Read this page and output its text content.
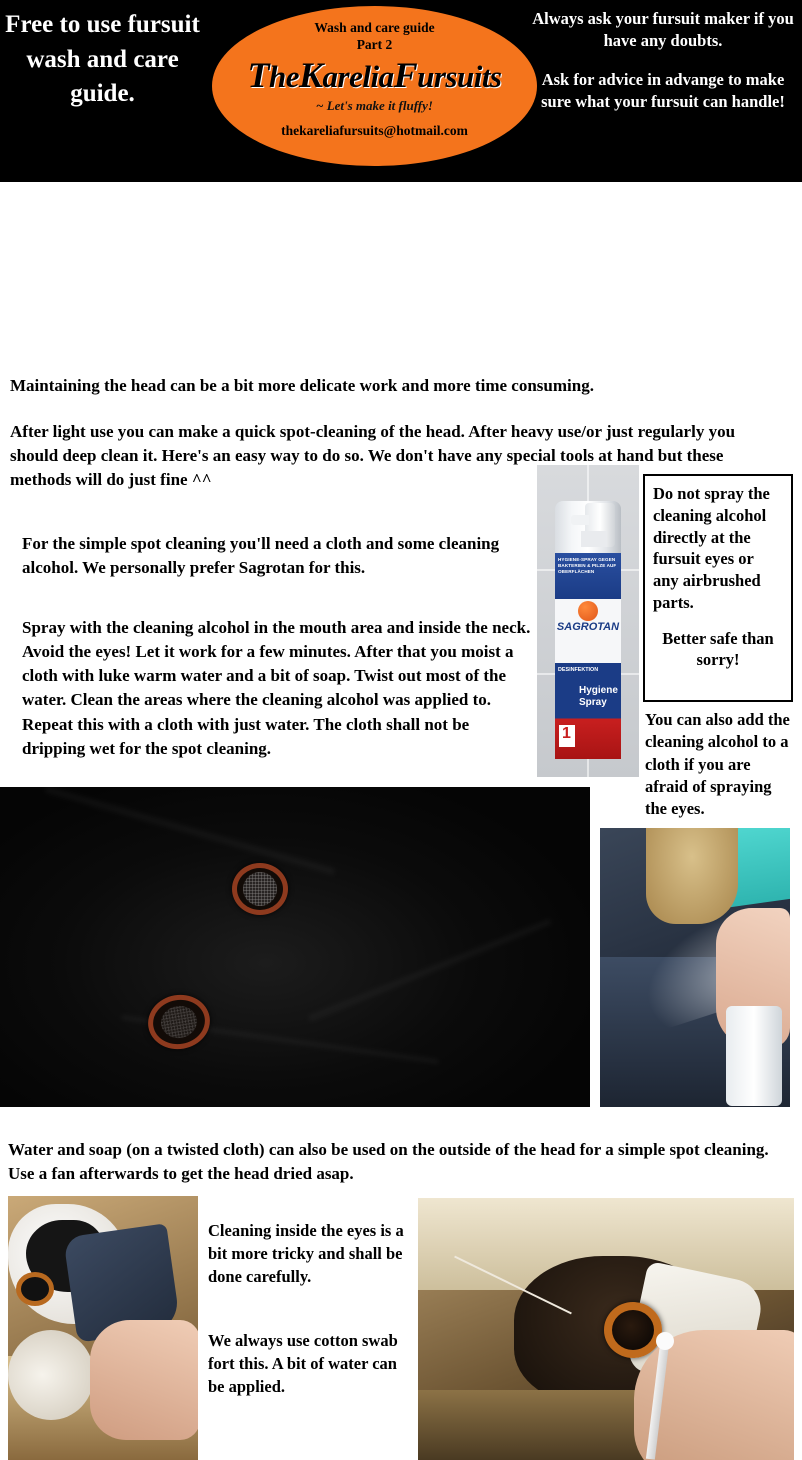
Free to use fursuit wash and care guide.
Wash and care guide
Part 2
TheKareliaFursuits
~ Let's make it fluffy!
thekareliafursuits@hotmail.com
Always ask your fursuit maker if you have any doubts.
Ask for advice in advange to make sure what your fursuit can handle!
Maintaining the head can be a bit more delicate work and more time consuming.
After light use you can make a quick spot-cleaning of the head. After heavy use/or just regularly you should deep clean it. Here's an easy way to do so. We don't have any special tools at hand but these methods will do just fine ^^
For the simple spot cleaning you'll need a cloth and some cleaning alcohol. We personally prefer Sagrotan for this.
Spray with the cleaning alcohol in the mouth area and inside the neck. Avoid the eyes! Let it work for a few minutes. After that you moist a cloth with luke warm water and a bit of soap. Twist out most of the water. Clean the areas where the cleaning alcohol was applied to. Repeat this with a cloth with just water. The cloth shall not be dripping wet for the spot cleaning.
HYGIENE-SPRAY GEGEN BAKTERIEN & PILZE AUF OBERFLÄCHEN
SAGROTAN
DESINFEKTION
Hygiene Spray
1
Do not spray the cleaning alcohol directly at the fursuit eyes or any airbrushed parts.
Better safe than sorry!
You can also add the cleaning alcohol to a cloth if you are afraid of spraying the eyes.
Water and soap (on a twisted cloth) can also be used on the outside of the head for a simple spot cleaning. Use a fan afterwards to get the head dried asap.
Cleaning inside the eyes is a bit more tricky and shall be done carefully.
We always use cotton swab fort this. A bit of water can be applied.
